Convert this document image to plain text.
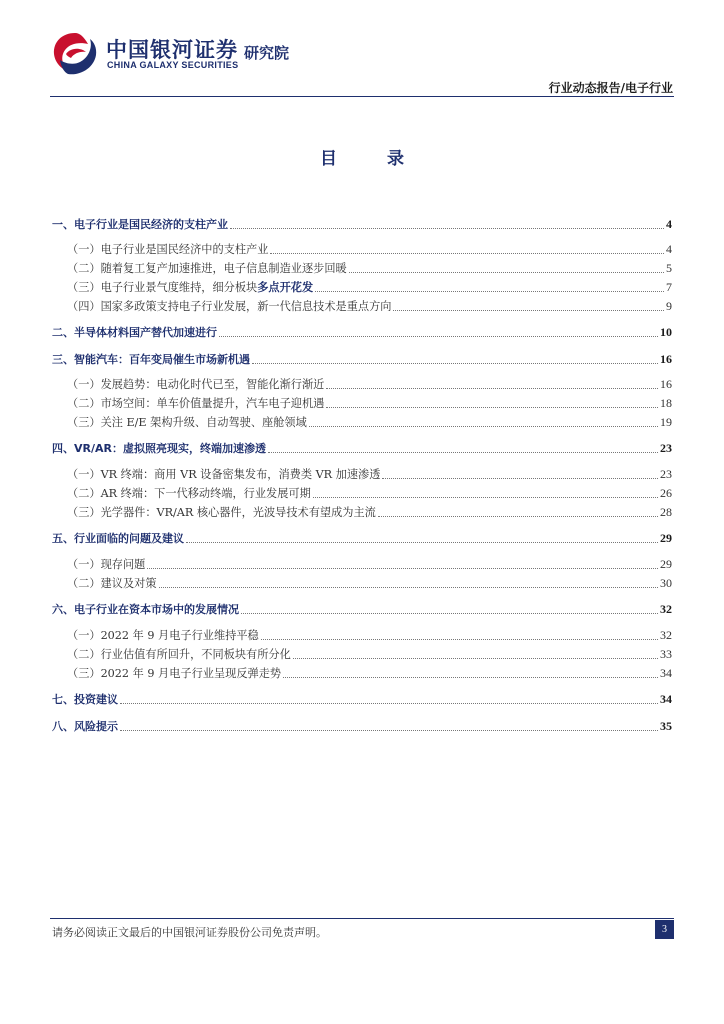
中国银河证券
CHINA GALAXY SECURITIES
研究院
行业动态报告/电子行业
目 录
一、电子行业是国民经济的支柱产业	4
（一）电子行业是国民经济中的支柱产业	4
（二）随着复工复产加速推进，电子信息制造业逐步回暖	5
（三）电子行业景气度维持，细分板块多点开花发	7
（四）国家多政策支持电子行业发展，新一代信息技术是重点方向	9
二、半导体材料国产替代加速进行	10
三、智能汽车：百年变局催生市场新机遇	16
（一）发展趋势：电动化时代已至，智能化渐行渐近	16
（二）市场空间：单车价值量提升，汽车电子迎机遇	18
（三）关注 E/E 架构升级、自动驾驶、座舱领域	19
四、VR/AR：虚拟照亮现实，终端加速渗透	23
（一）VR 终端：商用 VR 设备密集发布，消费类 VR 加速渗透	23
（二）AR 终端：下一代移动终端，行业发展可期	26
（三）光学器件：VR/AR 核心器件，光波导技术有望成为主流	28
五、行业面临的问题及建议	29
（一）现存问题	29
（二）建议及对策	30
六、电子行业在资本市场中的发展情况	32
（一）2022 年 9 月电子行业维持平稳	32
（二）行业估值有所回升，不同板块有所分化	33
（三）2022 年 9 月电子行业呈现反弹走势	34
七、投资建议	34
八、风险提示	35
请务必阅读正文最后的中国银河证券股份公司免责声明。	3
